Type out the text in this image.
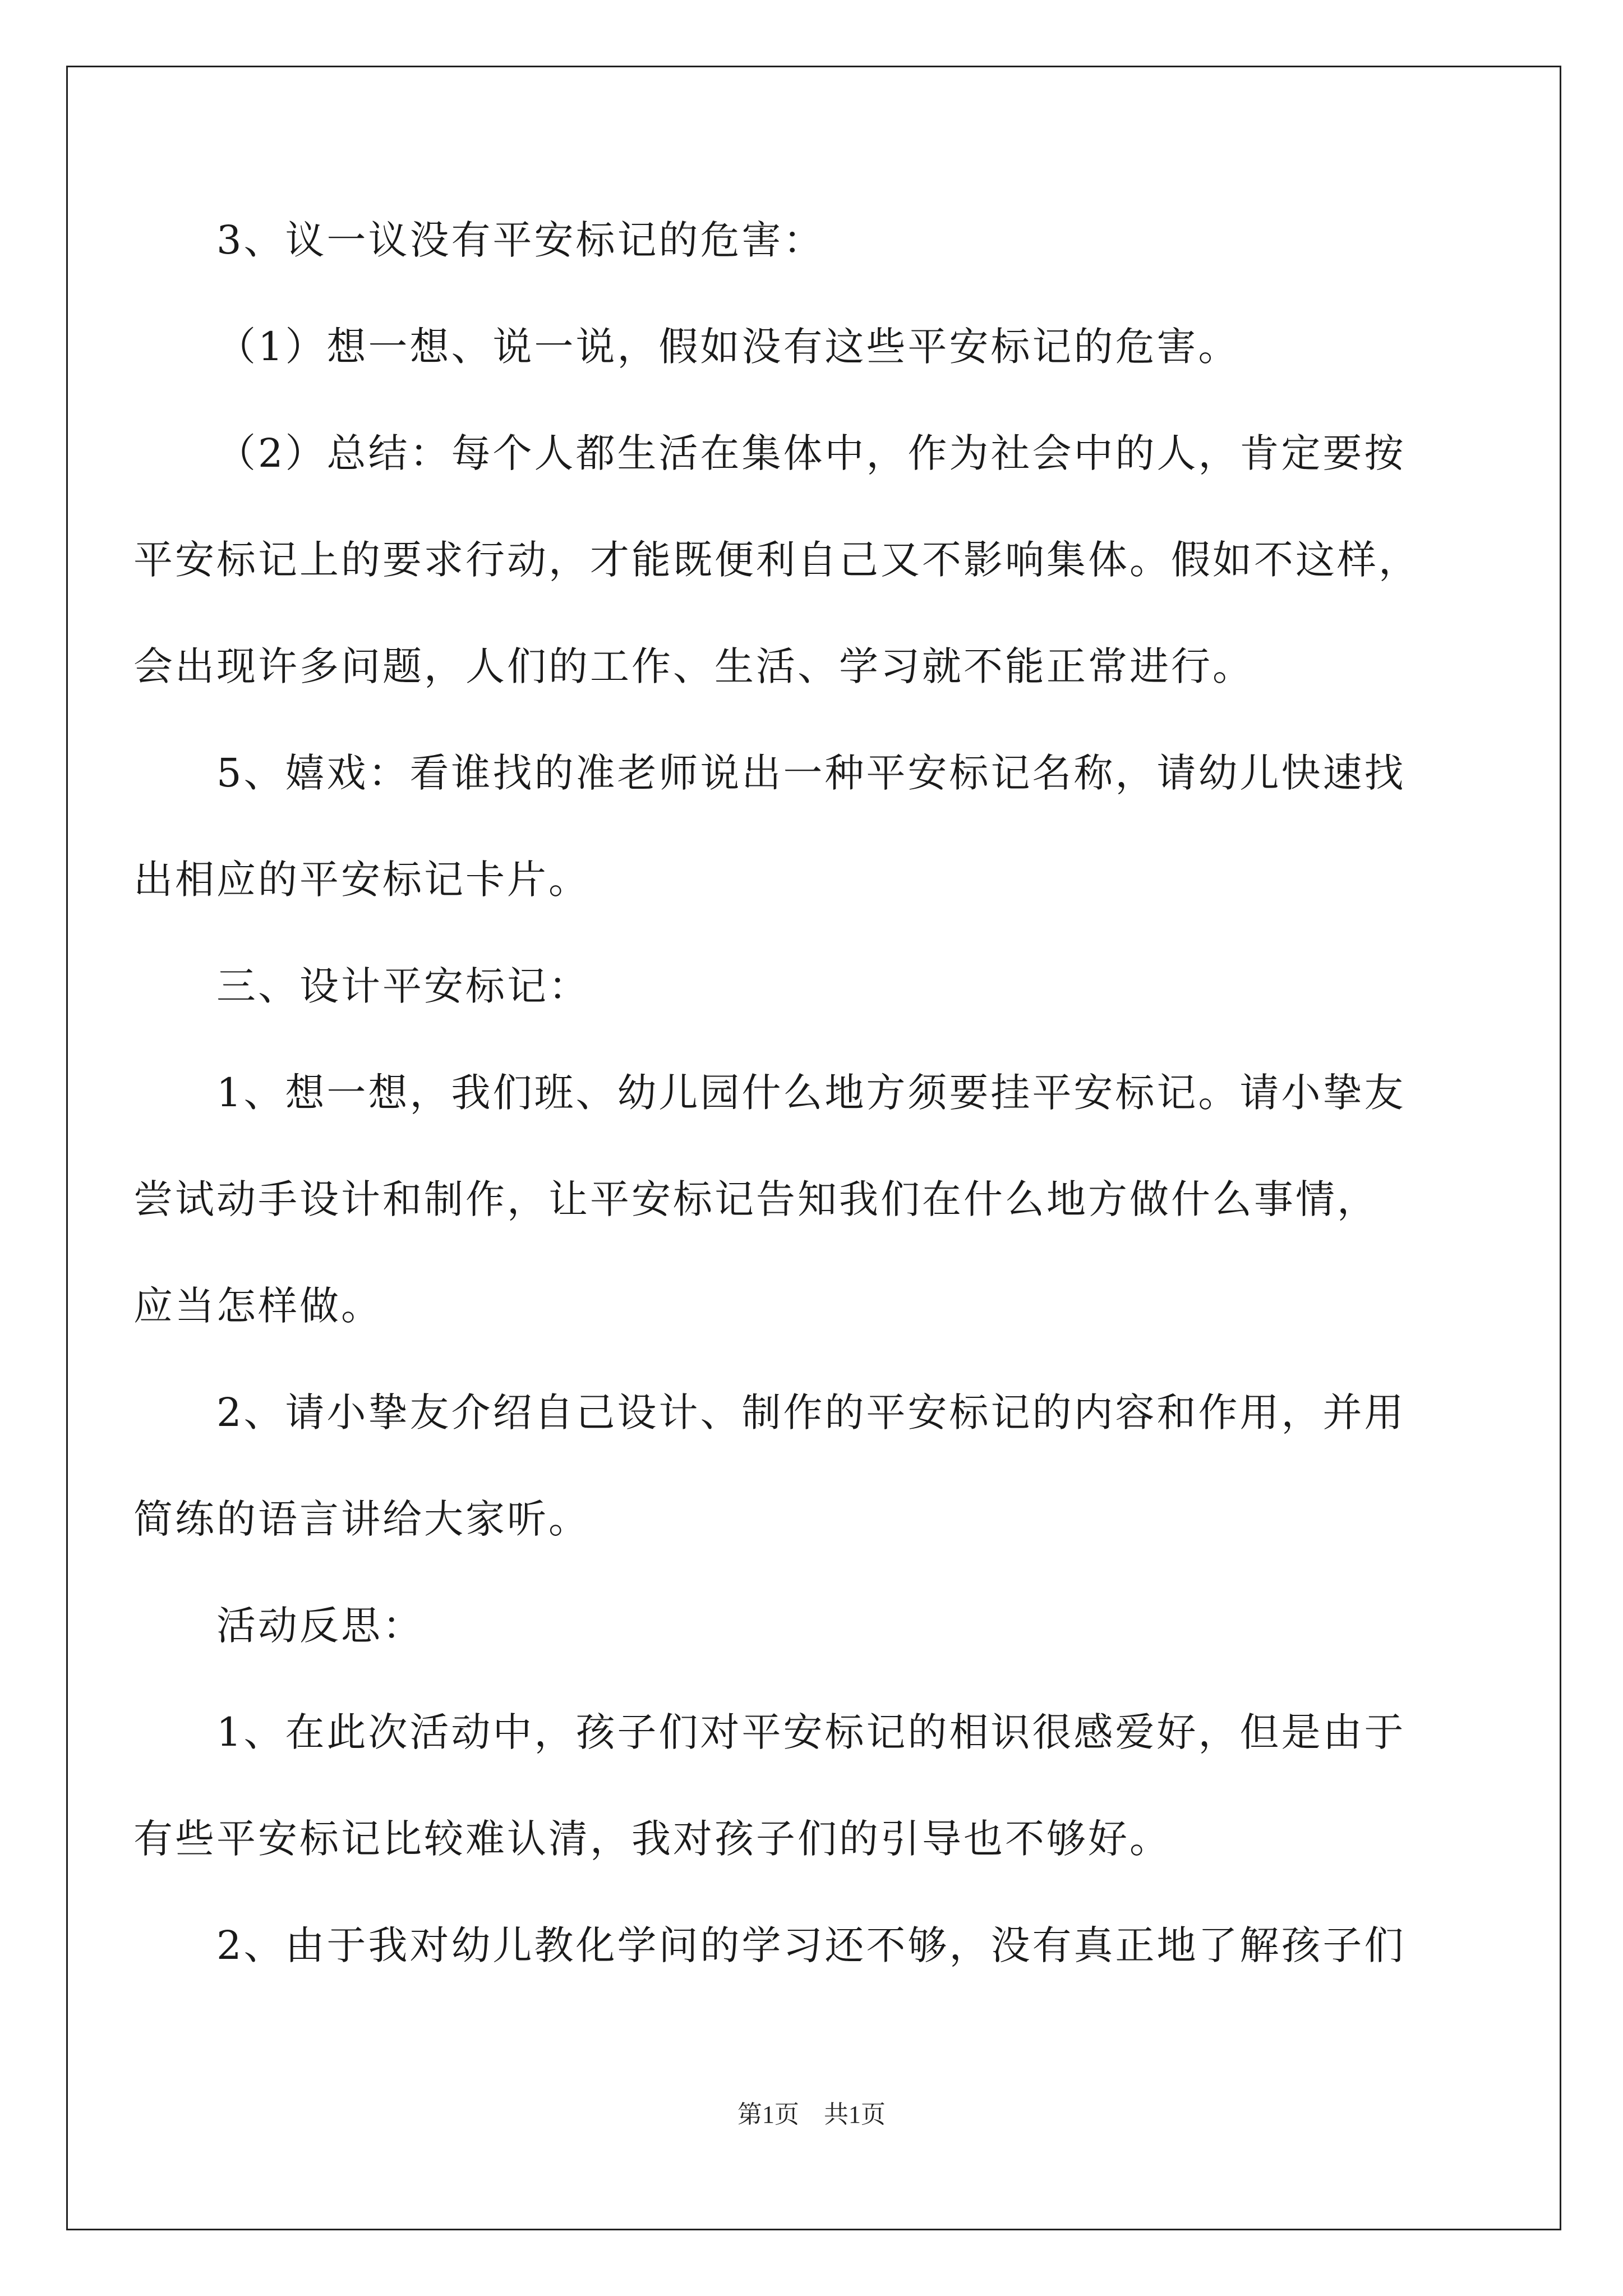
3、议一议没有平安标记的危害：
（1）想一想、说一说，假如没有这些平安标记的危害。
（2）总结：每个人都生活在集体中，作为社会中的人，肯定要按
平安标记上的要求行动，才能既便利自己又不影响集体。假如不这样，
会出现许多问题，人们的工作、生活、学习就不能正常进行。
5、嬉戏：看谁找的准老师说出一种平安标记名称，请幼儿快速找
出相应的平安标记卡片。
三、设计平安标记：
1、想一想，我们班、幼儿园什么地方须要挂平安标记。请小挚友
尝试动手设计和制作，让平安标记告知我们在什么地方做什么事情，
应当怎样做。
2、请小挚友介绍自己设计、制作的平安标记的内容和作用，并用
简练的语言讲给大家听。
活动反思：
1、在此次活动中，孩子们对平安标记的相识很感爱好，但是由于
有些平安标记比较难认清，我对孩子们的引导也不够好。
2、由于我对幼儿教化学问的学习还不够，没有真正地了解孩子们
第1页　共1页
